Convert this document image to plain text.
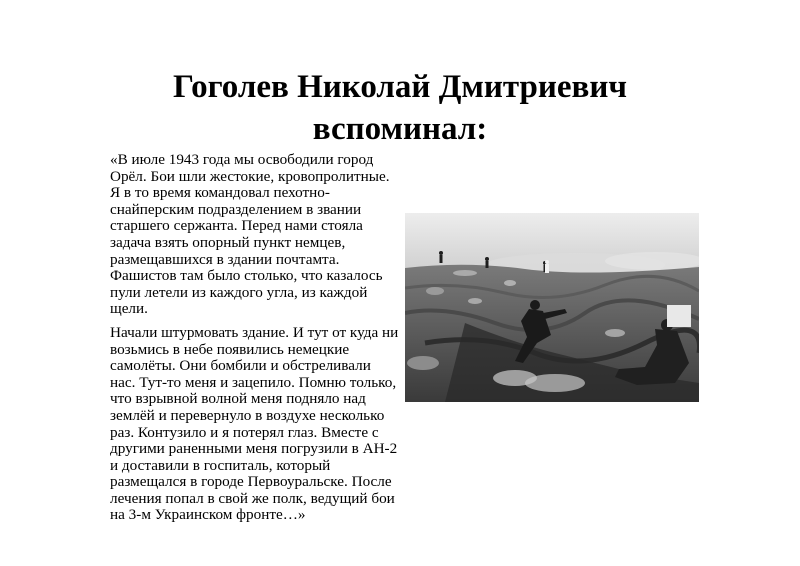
Гоголев Николай Дмитриевич
вспоминал:

«В июле 1943 года мы освободили город Орёл. Бои шли жестокие, кровопролитные. Я в то время командовал пехотно-снайперским подразделением в звании старшего сержанта. Перед нами стояла задача взять опорный пункт немцев, размещавшихся в здании почтамта. Фашистов там было столько, что казалось пули летели из каждого угла, из каждой щели.

Начали штурмовать здание. И тут от куда ни возьмись в небе появились немецкие самолёты. Они бомбили и обстреливали нас. Тут-то меня и зацепило. Помню только, что взрывной волной меня подняло над землёй и перевернуло в воздухе несколько раз. Контузило и я потерял глаз. Вместе с другими раненными меня погрузили в АН-2 и доставили в госпиталь, который размещался в городе Первоуральске. После лечения попал в свой же полк, ведущий бои на 3-м Украинском фронте…»
